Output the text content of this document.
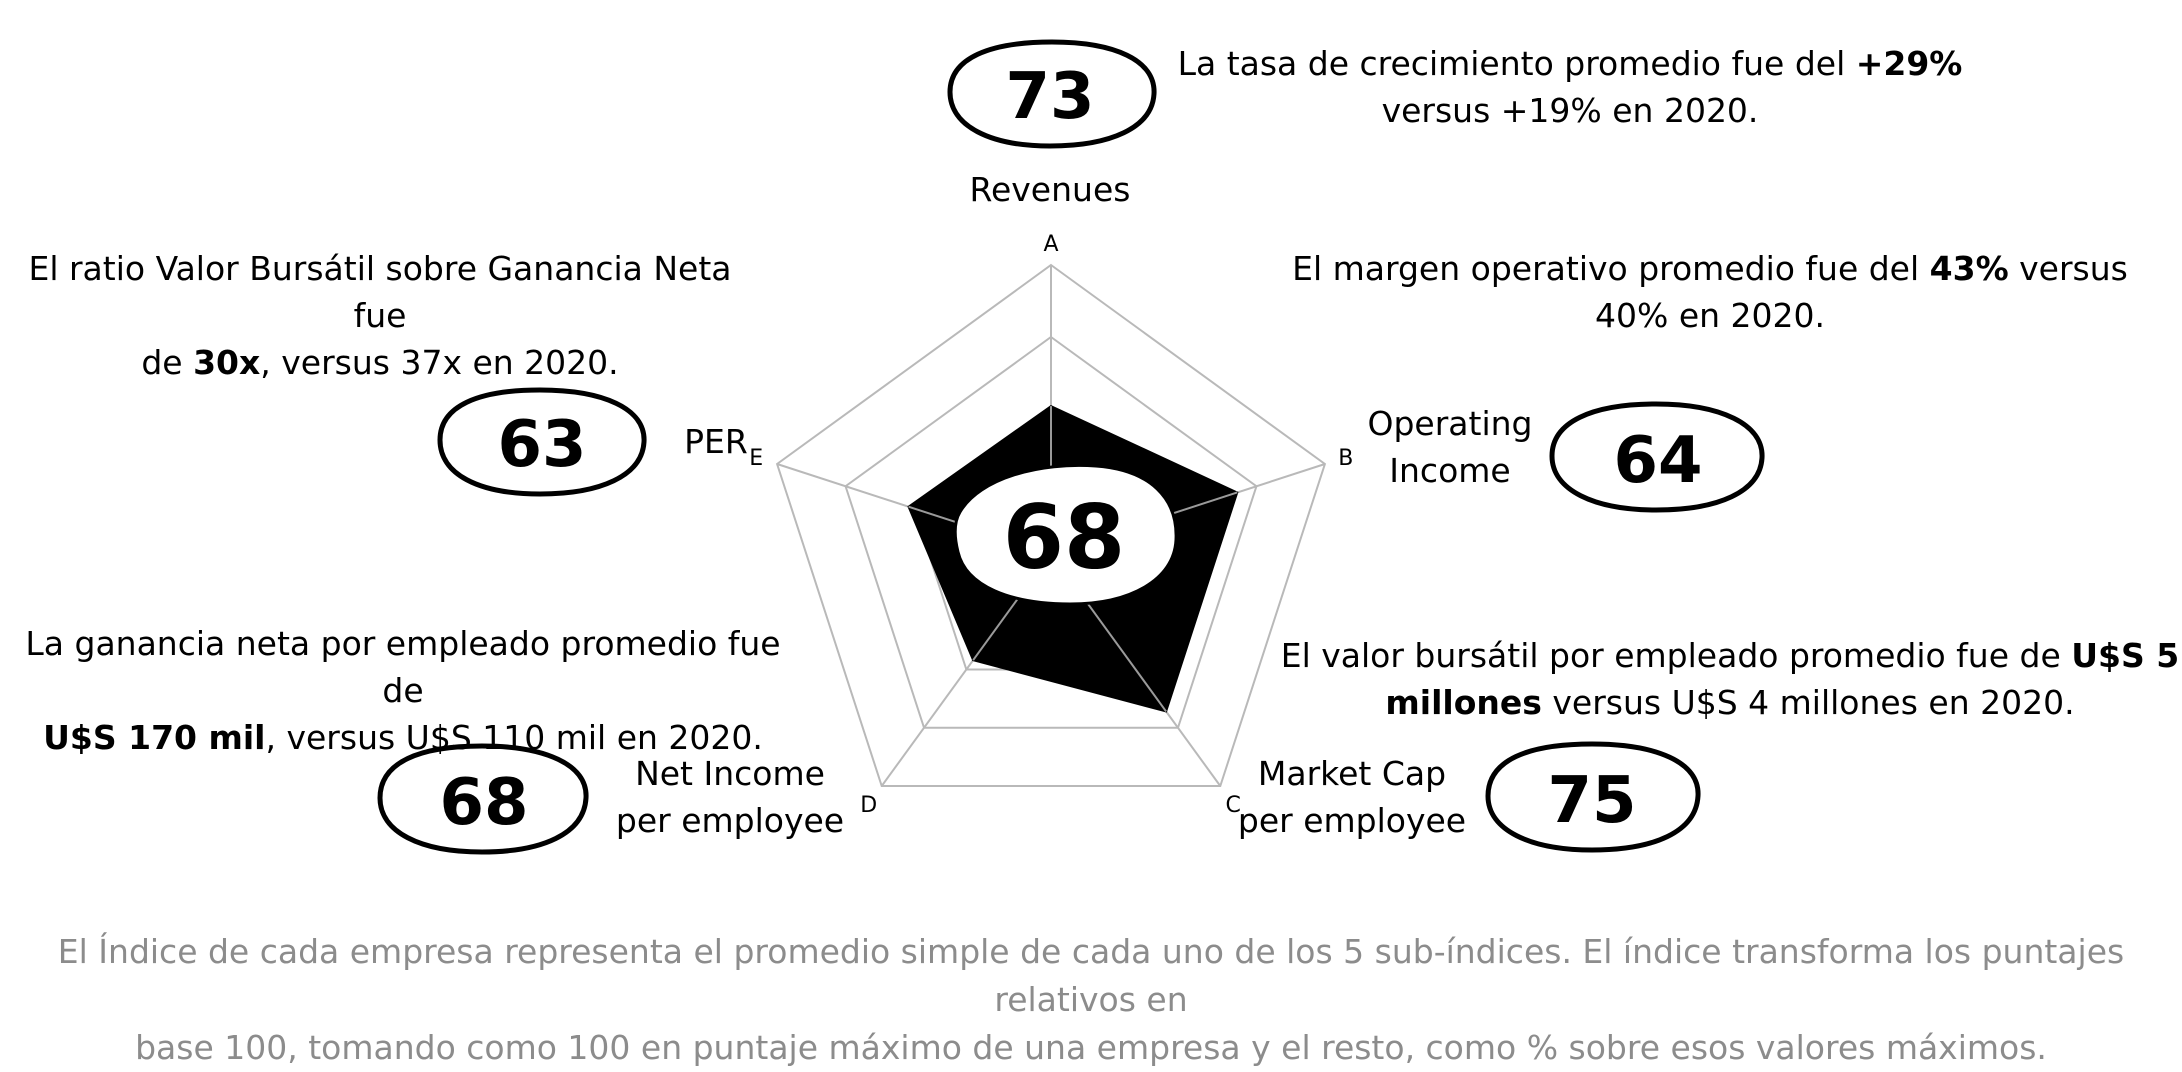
A
B
C
D
E
68
73
63	64
68	75
Revenues
PER	Operating
Income
Net Income
per employee
Market Cap
per employee
La tasa de crecimiento promedio fue del +29%
versus +19% en 2020.
El margen operativo promedio fue del 43% versus
40% en 2020.
El ratio Valor Bursátil sobre Ganancia Neta fue
de 30x, versus 37x en 2020.
La ganancia neta por empleado promedio fue de
U$S 170 mil, versus U$S 110 mil en 2020.
El valor bursátil por empleado promedio fue de U$S 5
millones versus U$S 4 millones en 2020.
El Índice de cada empresa representa el promedio simple de cada uno de los 5 sub-índices. El índice transforma los puntajes relativos en
base 100, tomando como 100 en puntaje máximo de una empresa y el resto, como % sobre esos valores máximos.
